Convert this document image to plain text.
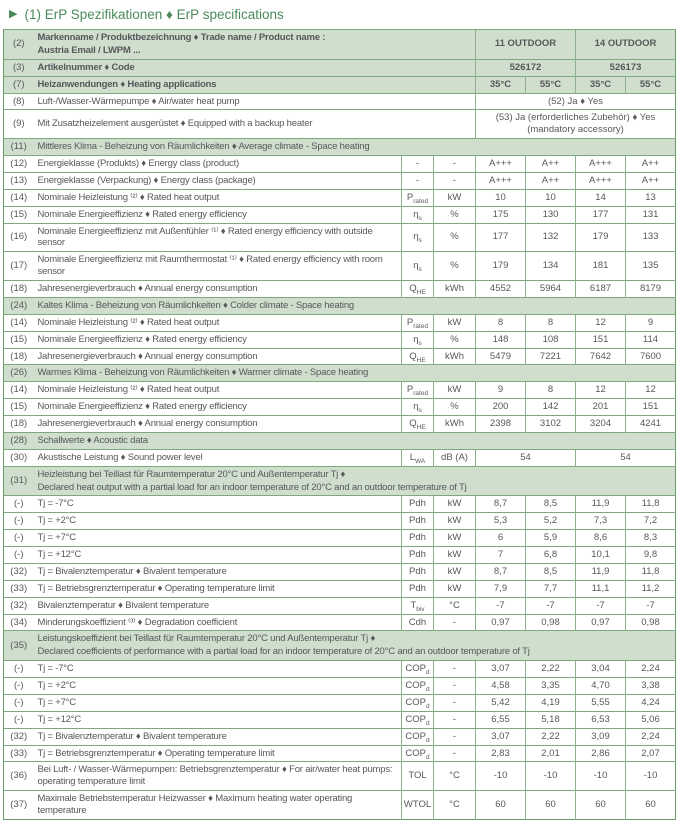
▶ (1) ErP Spezifikationen ♦ ErP specifications
(2)	Markenname / Produktbezeichnung ♦ Trade name / Product name :
Austria Email / LWPM ...			11 OUTDOOR		14 OUTDOOR	
(3)	Artikelnummer ♦ Code			526172		526173	
(7)	Heizanwendungen ♦ Heating applications			35°C	55°C	35°C	55°C
(8)	Luft-/Wasser-Wärmepumpe ♦ Air/water heat pump			(52) Ja ♦ Yes			
(9)	Mit Zusatzheizelement ausgerüstet ♦ Equipped with a backup heater			(53) Ja (erforderliches Zubehör) ♦ Yes (mandatory accessory)			
(11)	Mittleres Klima - Beheizung von Räumlichkeiten ♦ Average climate - Space heating						
(12)	Energieklasse (Produkts) ♦ Energy class (product)	-	-	A+++	A++	A+++	A++
(13)	Energieklasse (Verpackung) ♦ Energy class (package)	-	-	A+++	A++	A+++	A++
(14)	Nominale Heizleistung ⁽²⁾ ♦ Rated heat output	$P_{rated}$	kW	10	10	14	13
(15)	Nominale Energieeffizienz ♦ Rated energy efficiency	$\eta_s$	%	175	130	177	131
(16)	Nominale Energieeffizienz mit Außenfühler ⁽¹⁾ ♦ Rated energy efficiency with outside sensor	$\eta_s$	%	177	132	179	133
(17)	Nominale Energieeffizienz mit Raumthermostat ⁽¹⁾ ♦ Rated energy efficiency with room sensor	$\eta_s$	%	179	134	181	135
(18)	Jahresenergieverbrauch ♦ Annual energy consumption	$Q_{HE}$	kWh	4552	5964	6187	8179
(24)	Kaltes Klima - Beheizung von Räumlichkeiten ♦ Colder climate - Space heating						
(14)	Nominale Heizleistung ⁽²⁾ ♦ Rated heat output	$P_{rated}$	kW	8	8	12	9
(15)	Nominale Energieeffizienz ♦ Rated energy efficiency	$\eta_s$	%	148	108	151	114
(18)	Jahresenergieverbrauch ♦ Annual energy consumption	$Q_{HE}$	kWh	5479	7221	7642	7600
(26)	Warmes Klima - Beheizung von Räumlichkeiten ♦ Warmer climate - Space heating						
(14)	Nominale Heizleistung ⁽²⁾ ♦ Rated heat output	$P_{rated}$	kW	9	8	12	12
(15)	Nominale Energieeffizienz ♦ Rated energy efficiency	$\eta_s$	%	200	142	201	151
(18)	Jahresenergieverbrauch ♦ Annual energy consumption	$Q_{HE}$	kWh	2398	3102	3204	4241
(28)	Schallwerte ♦ Acoustic data						
(30)	Akustische Leistung ♦ Sound power level	$L_{WA}$	dB (A)	54		54	
(31)	Heizleistung bei Teillast für Raumtemperatur 20°C und Außentemperatur Tj ♦
Declared heat output with a partial load for an indoor temperature of 20°C and an outdoor temperature of Tj						

(-)	Tj = -7°C	Pdh	kW	8,7	8,5	11,9	11,8
(-)	Tj = +2°C	Pdh	kW	5,3	5,2	7,3	7,2
(-)	Tj = +7°C	Pdh	kW	6	5,9	8,6	8,3
(-)	Tj = +12°C	Pdh	kW	7	6,8	10,1	9,8
(32)	Tj = Bivalenztemperatur ♦ Bivalent temperature	Pdh	kW	8,7	8,5	11,9	11,8
(33)	Tj = Betriebsgrenztemperatur ♦ Operating temperature limit	Pdh	kW	7,9	7,7	11,1	11,2
(32)	Bivalenztemperatur ♦ Bivalent temperature	$T_{biv}$	°C	-7	-7	-7	-7
(34)	Minderungskoeffizient ⁽³⁾ ♦ Degradation coefficient	Cdh	-	0,97	0,98	0,97	0,98
(35)	Leistungskoeffizient bei Teillast für Raumtemperatur 20°C und Außentemperatur Tj ♦
Declared coefficients of performance with a partial load for an indoor temperature of 20°C and an outdoor temperature of Tj						

(-)	Tj = -7°C	$COP_d$	-	3,07	2,22	3,04	2,24
(-)	Tj = +2°C	$COP_d$	-	4,58	3,35	4,70	3,38
(-)	Tj = +7°C	$COP_d$	-	5,42	4,19	5,55	4,24
(-)	Tj = +12°C	$COP_d$	-	6,55	5,18	6,53	5,06
(32)	Tj = Bivalenztemperatur ♦ Bivalent temperature	$COP_d$	-	3,07	2,22	3,09	2,24
(33)	Tj = Betriebsgrenztemperatur ♦ Operating temperature limit	$COP_d$	-	2,83	2,01	2,86	2,07
(36)	Bei Luft- / Wasser-Wärmepumpen: Betriebsgrenztemperatur ♦ For air/water heat pumps: operating temperature limit	TOL	°C	-10	-10	-10	-10
(37)	Maximale Betriebstemperatur Heizwasser ♦ Maximum heating water operating temperature	WTOL	°C	60	60	60	60
